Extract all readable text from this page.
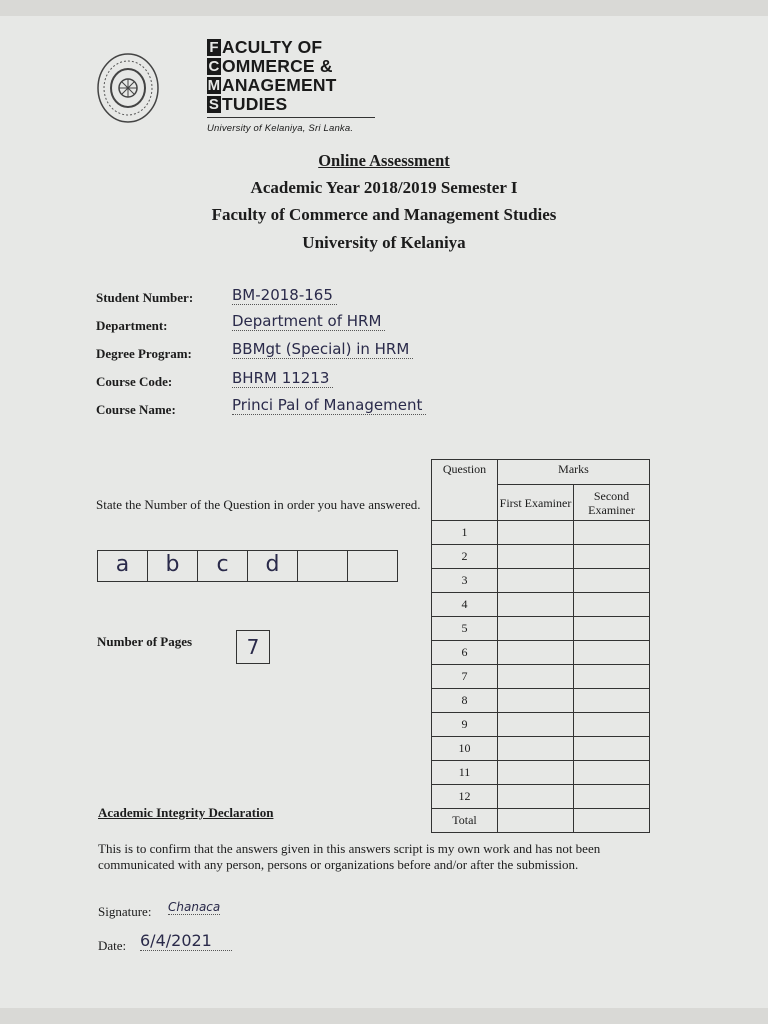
F ACULTY OF
C OMMERCE &
M ANAGEMENT
S TUDIES
University of Kelaniya, Sri Lanka.
Online Assessment
Academic Year 2018/2019 Semester I
Faculty of Commerce and Management Studies
University of Kelaniya
Student Number:	BM-2018-165
Department:	Department of HRM
Degree Program:	BBMgt (Special) in HRM
Course Code:	BHRM 11213
Course Name:	Princi Pal of Management
State the Number of the Question in order you have answered.
a	b	c	d
Number of Pages	7
Question	Marks	
	First Examiner	Second Examiner
1		
2		
3		
4		
5		
6		
7		
8		
9		
10		
11		
12		
Total		
Academic Integrity Declaration
This is to confirm that the answers given in this answers script is my own work and has not been communicated with any person, persons or organizations before and/or after the submission.
Signature: Chanaca
Date: 6/4/2021
